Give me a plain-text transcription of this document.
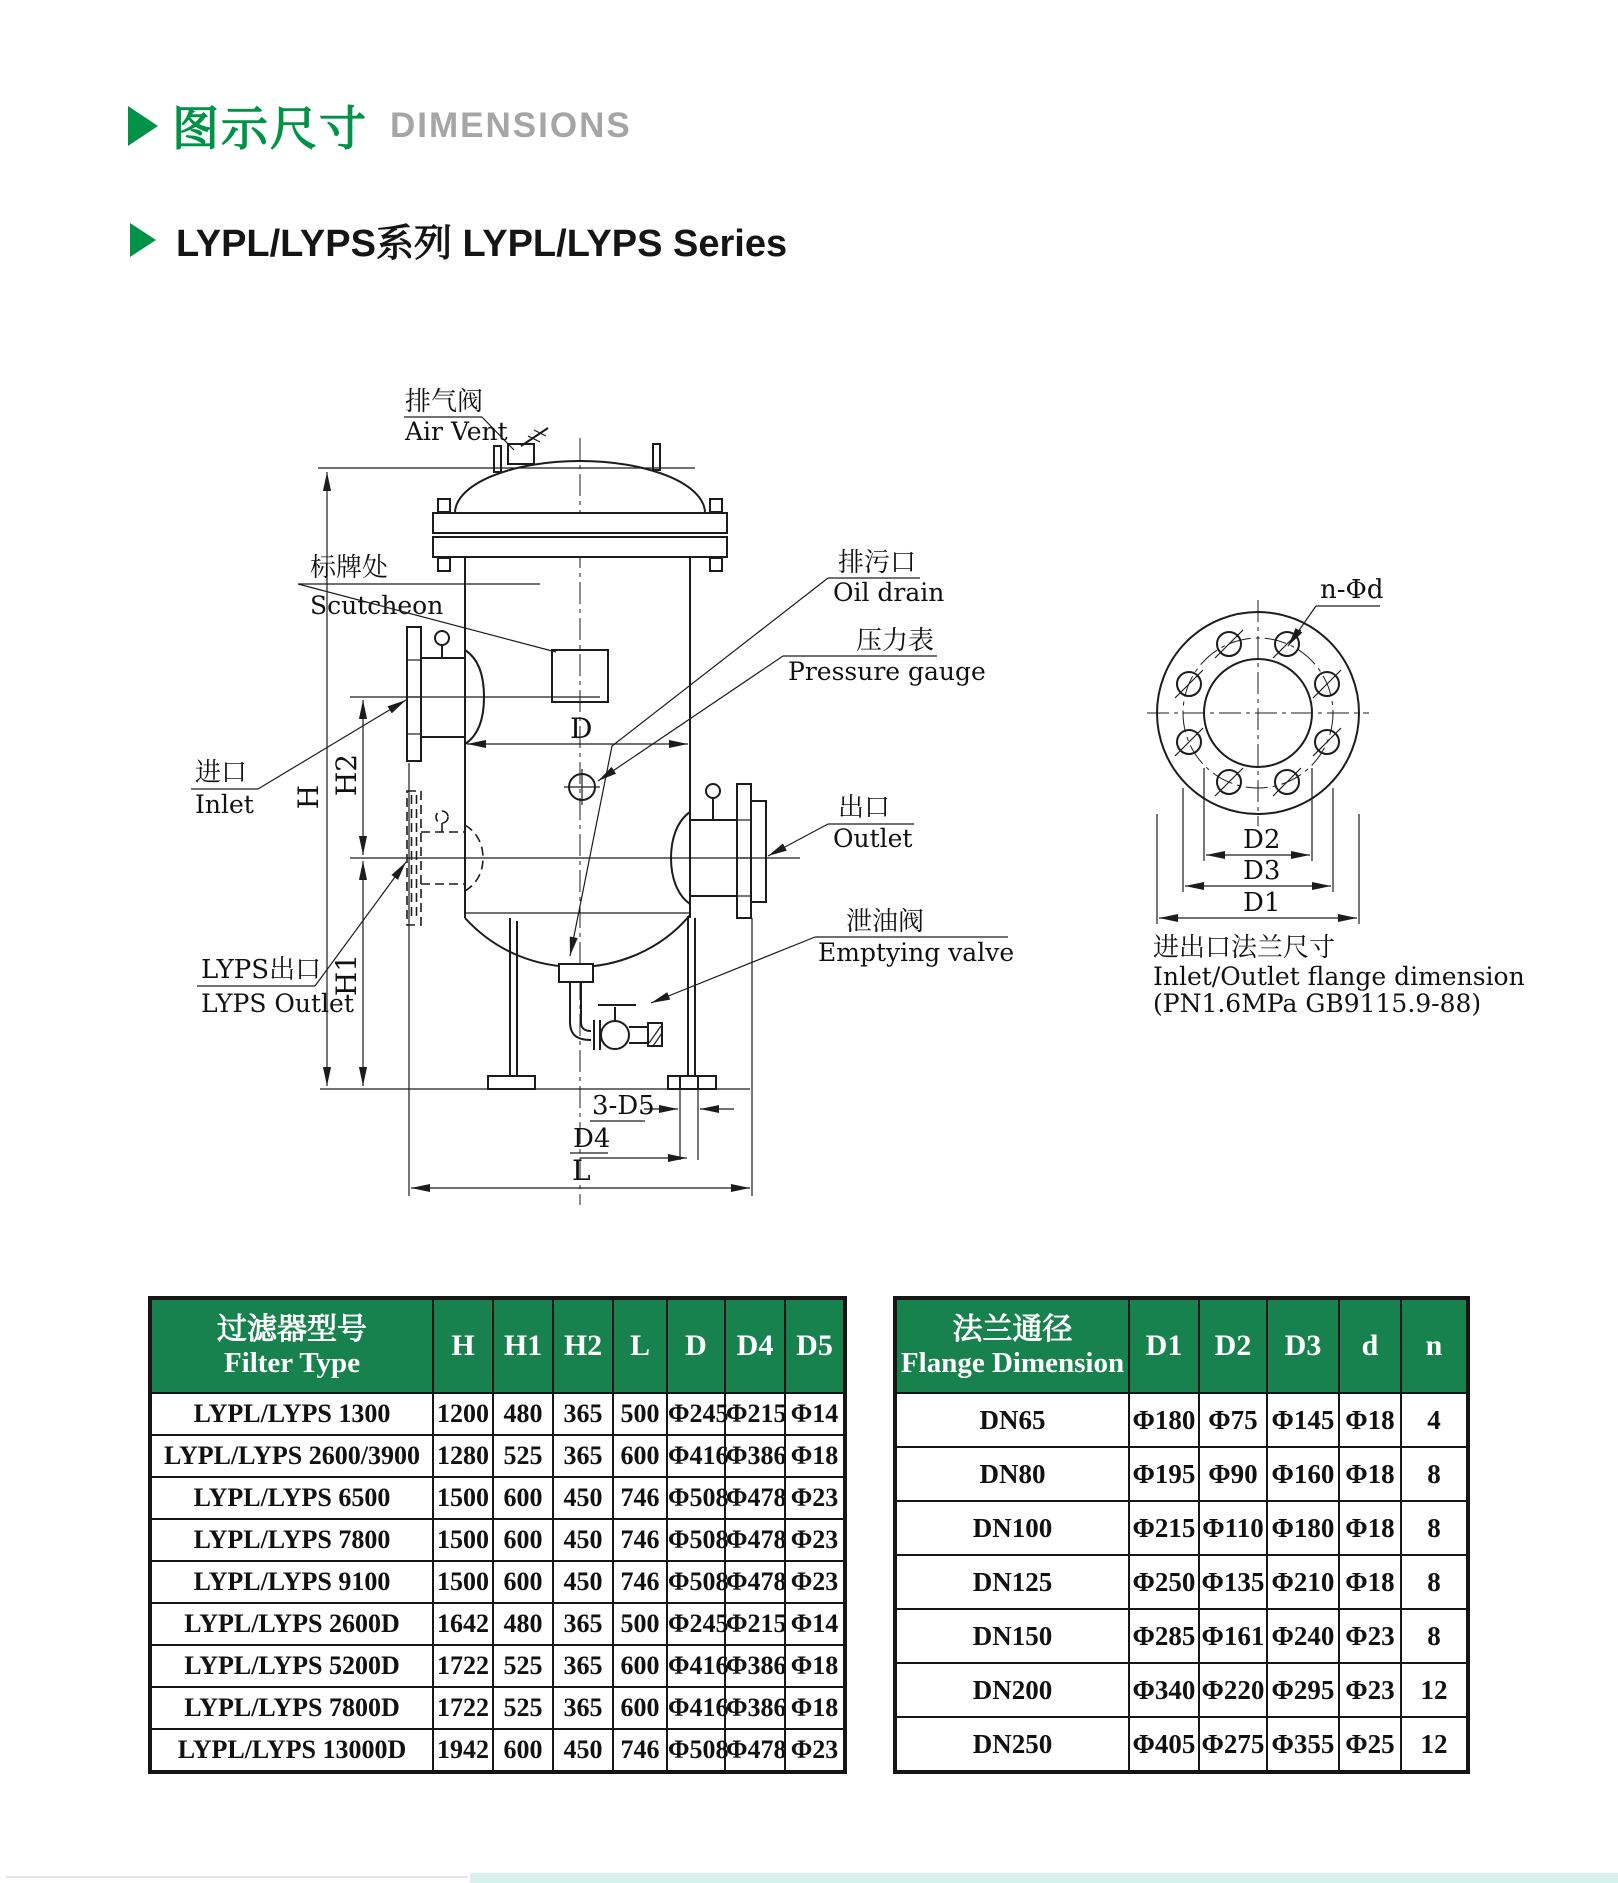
图示尺寸 DIMENSIONS
LYPL/LYPS系列 LYPL/LYPS Series
H
H2
H1
D
3-D5
D4
L
排气阀
Air Vent
标牌处
Scutcheon
进口
Inlet
LYPS出口
LYPS Outlet
排污口
Oil drain
压力表
Pressure gauge
出口
Outlet
泄油阀
Emptying valve
n-Φd
D2
D3
D1
进出口法兰尺寸
Inlet/Outlet flange dimension
(PN1.6MPa GB9115.9-88)
过滤器型号
Filter Type	H	H1	H2	L	D	D4	D5
LYPL/LYPS 1300	1200	480	365	500	Φ245	Φ215	Φ14
LYPL/LYPS 2600/3900	1280	525	365	600	Φ416	Φ386	Φ18
LYPL/LYPS 6500	1500	600	450	746	Φ508	Φ478	Φ23
LYPL/LYPS 7800	1500	600	450	746	Φ508	Φ478	Φ23
LYPL/LYPS 9100	1500	600	450	746	Φ508	Φ478	Φ23
LYPL/LYPS 2600D	1642	480	365	500	Φ245	Φ215	Φ14
LYPL/LYPS 5200D	1722	525	365	600	Φ416	Φ386	Φ18
LYPL/LYPS 7800D	1722	525	365	600	Φ416	Φ386	Φ18
LYPL/LYPS 13000D	1942	600	450	746	Φ508	Φ478	Φ23
法兰通径
Flange Dimension	D1	D2	D3	d	n
DN65	Φ180	Φ75	Φ145	Φ18	4
DN80	Φ195	Φ90	Φ160	Φ18	8
DN100	Φ215	Φ110	Φ180	Φ18	8
DN125	Φ250	Φ135	Φ210	Φ18	8
DN150	Φ285	Φ161	Φ240	Φ23	8
DN200	Φ340	Φ220	Φ295	Φ23	12
DN250	Φ405	Φ275	Φ355	Φ25	12
